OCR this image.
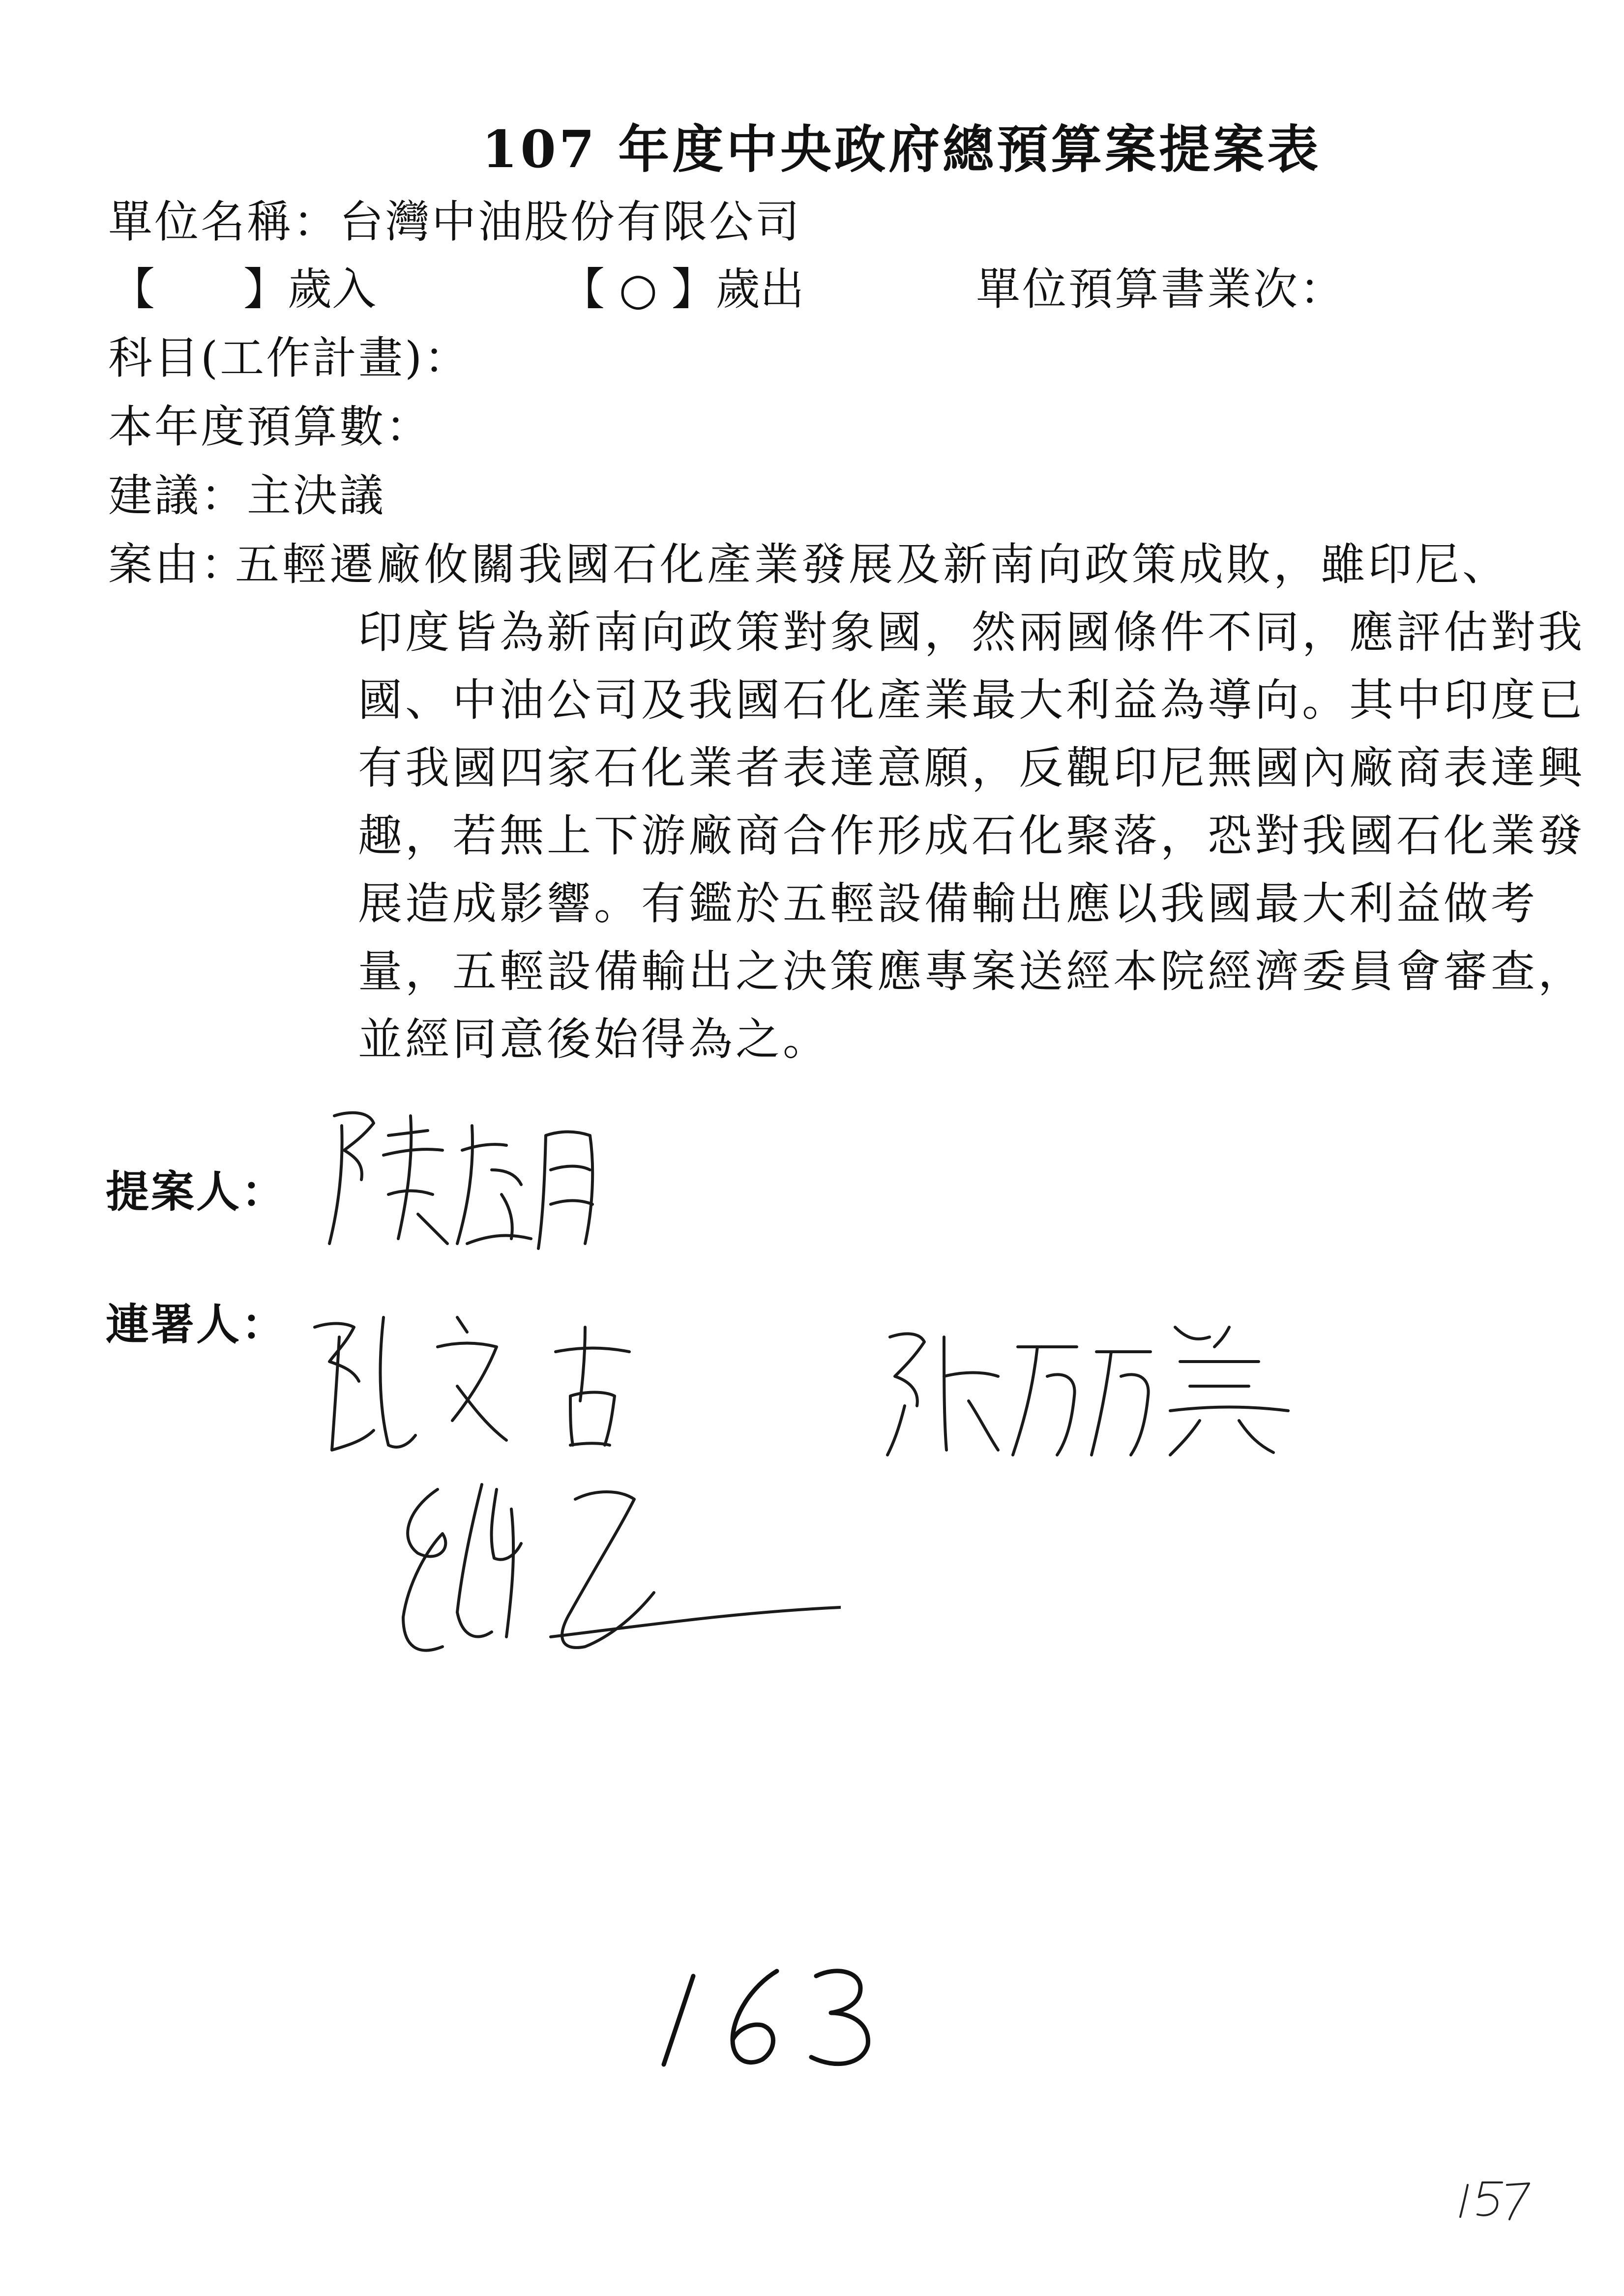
107 年度中央政府總預算案提案表
單位名稱：台灣中油股份有限公司
【　　】歲入	【 ○ 】歲出	單位預算書業次：
科目(工作計畫)：
本年度預算數：
建議：主決議
案由：
五輕遷廠攸關我國石化產業發展及新南向政策成敗，雖印尼、
印度皆為新南向政策對象國，然兩國條件不同，應評估對我
國、中油公司及我國石化產業最大利益為導向。其中印度已
有我國四家石化業者表達意願，反觀印尼無國內廠商表達興
趣，若無上下游廠商合作形成石化聚落，恐對我國石化業發
展造成影響。有鑑於五輕設備輸出應以我國最大利益做考
量，五輕設備輸出之決策應專案送經本院經濟委員會審查，
並經同意後始得為之。
提案人：
連署人：
